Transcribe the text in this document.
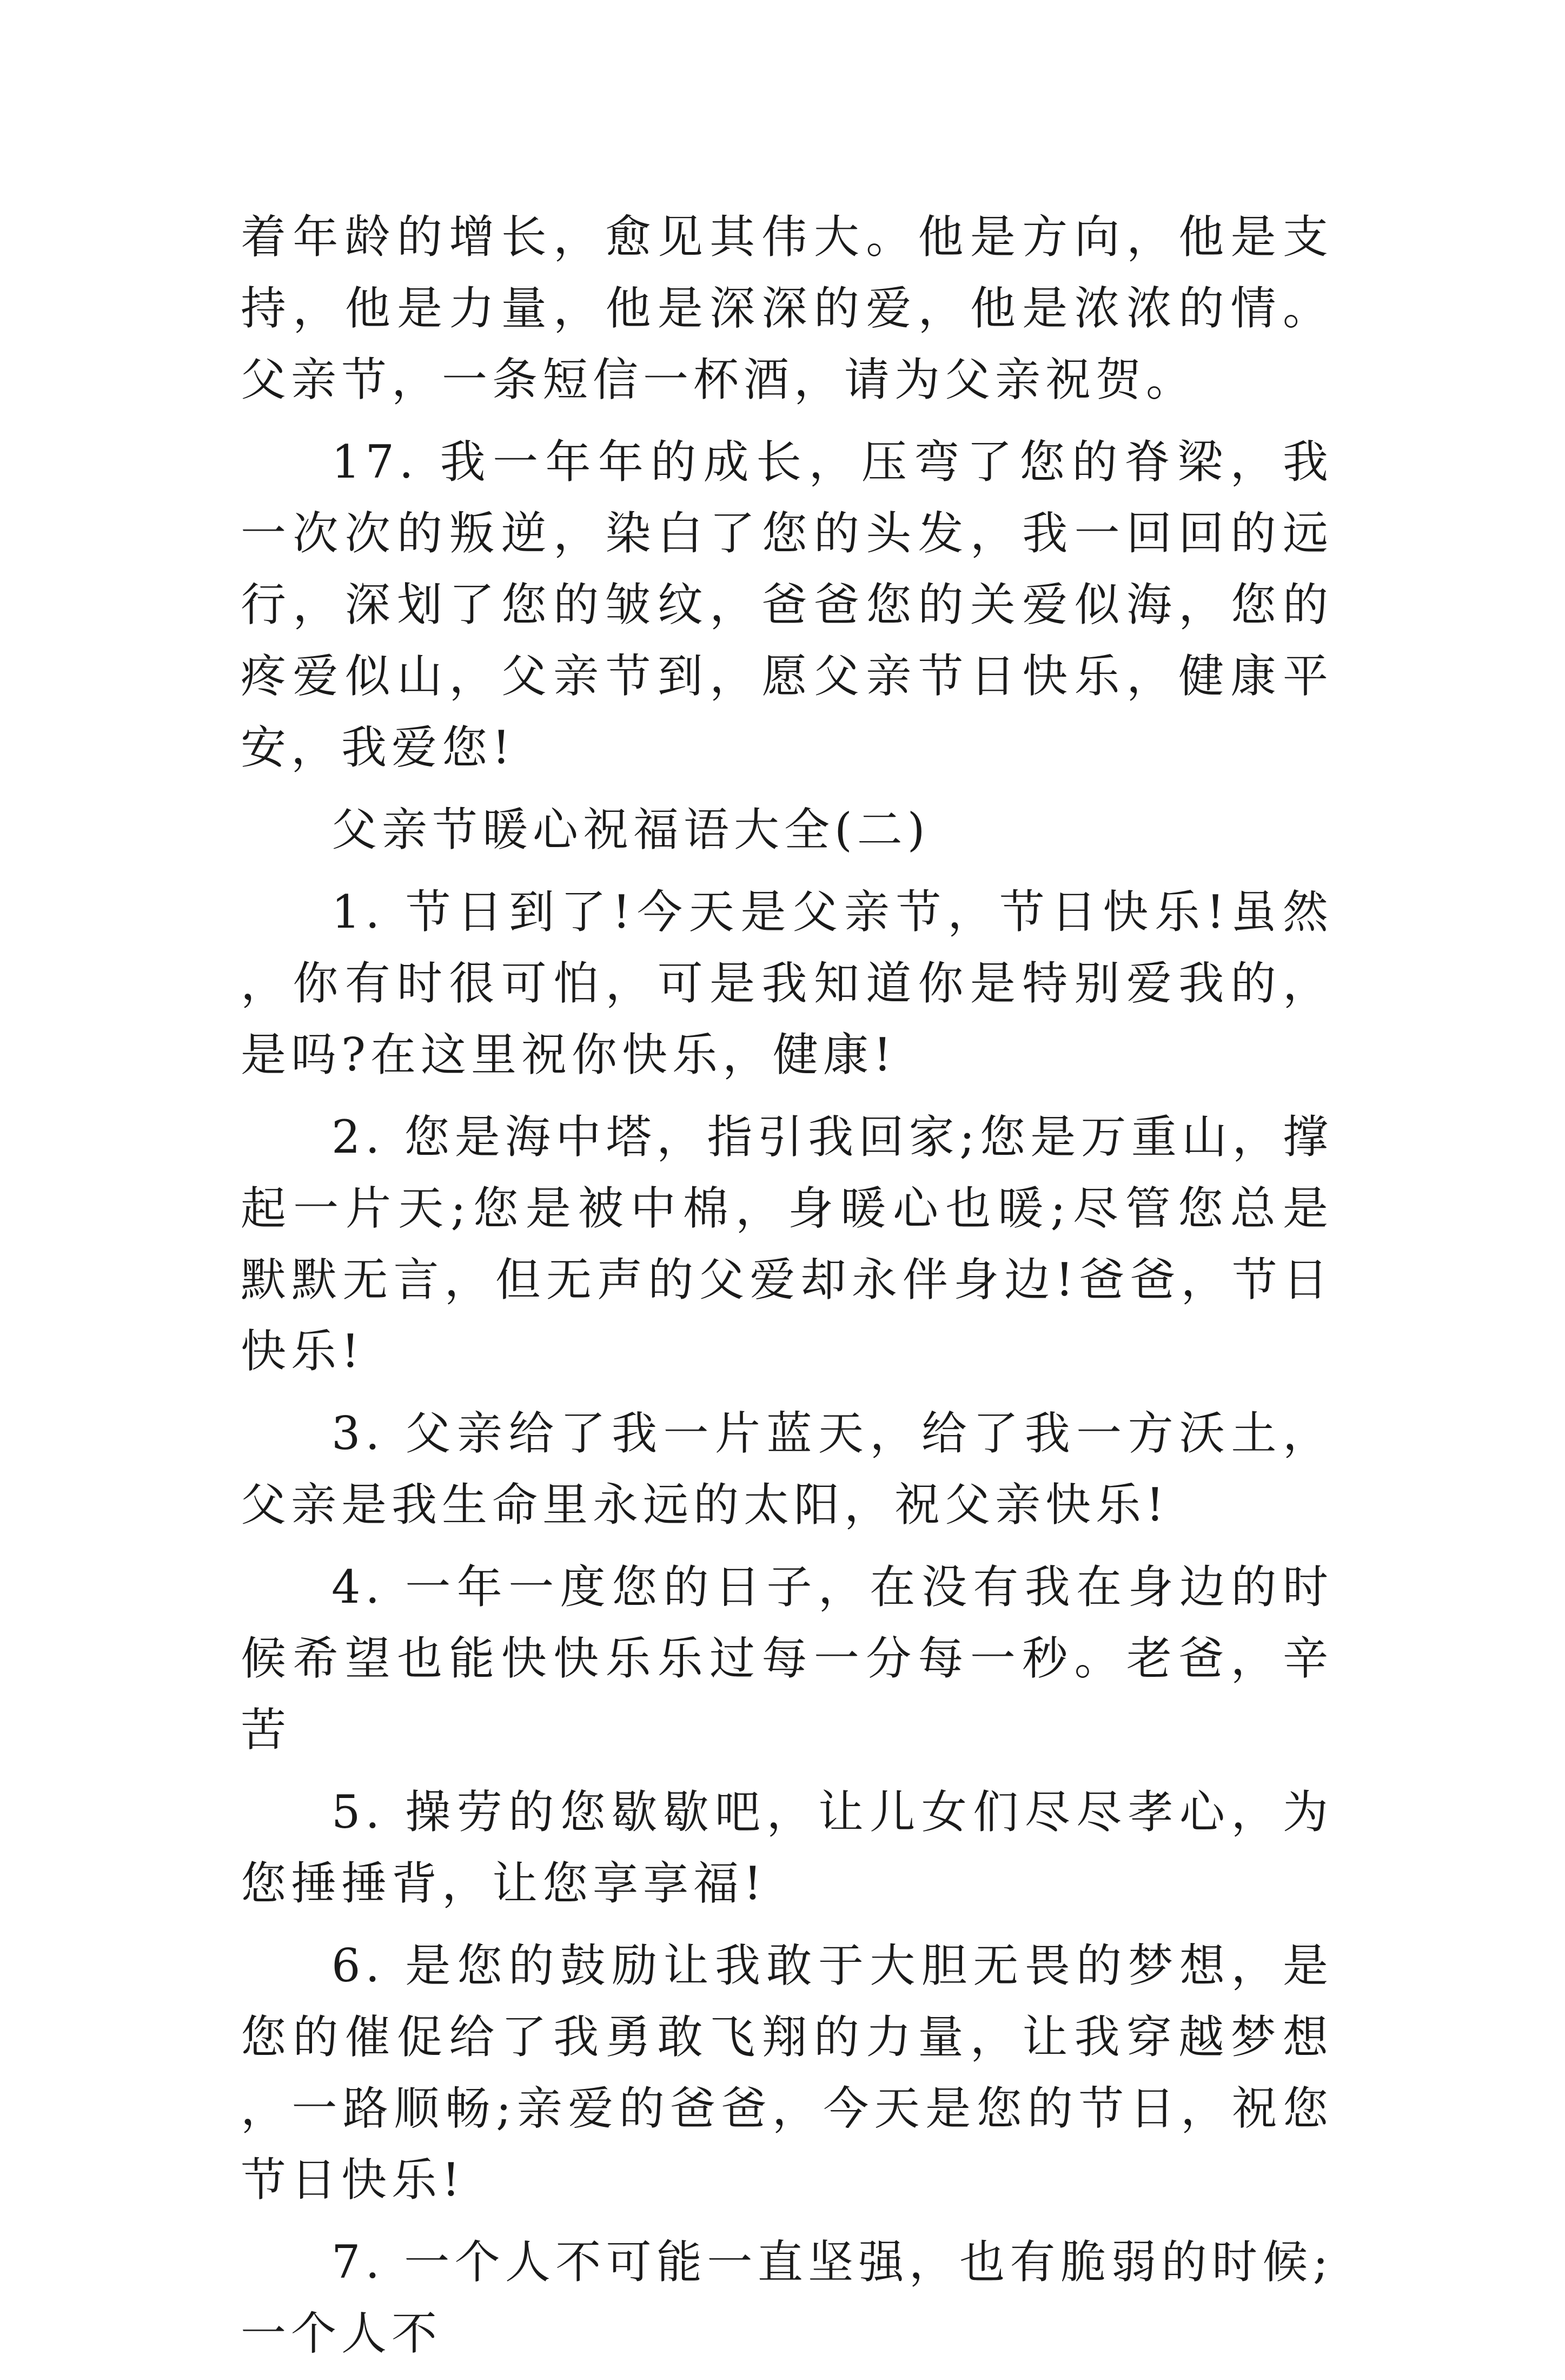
着年龄的增长，愈见其伟大。他是方向，他是支持，他是力量，他是深深的爱，他是浓浓的情。父亲节，一条短信一杯酒，请为父亲祝贺。

17. 我一年年的成长，压弯了您的脊梁，我一次次的叛逆，染白了您的头发，我一回回的远行，深划了您的皱纹，爸爸您的关爱似海，您的疼爱似山，父亲节到，愿父亲节日快乐，健康平安，我爱您!

父亲节暖心祝福语大全(二)

1. 节日到了!今天是父亲节，节日快乐!虽然，你有时很可怕，可是我知道你是特别爱我的，是吗?在这里祝你快乐，健康!

2. 您是海中塔，指引我回家;您是万重山，撑起一片天;您是被中棉，身暖心也暖;尽管您总是默默无言，但无声的父爱却永伴身边!爸爸，节日快乐!

3. 父亲给了我一片蓝天，给了我一方沃土，父亲是我生命里永远的太阳，祝父亲快乐!

4. 一年一度您的日子，在没有我在身边的时候希望也能快快乐乐过每一分每一秒。老爸，辛苦

5. 操劳的您歇歇吧，让儿女们尽尽孝心，为您捶捶背，让您享享福!

6. 是您的鼓励让我敢于大胆无畏的梦想，是您的催促给了我勇敢飞翔的力量，让我穿越梦想，一路顺畅;亲爱的爸爸，今天是您的节日，祝您节日快乐!

7. 一个人不可能一直坚强，也有脆弱的时候;一个人不
